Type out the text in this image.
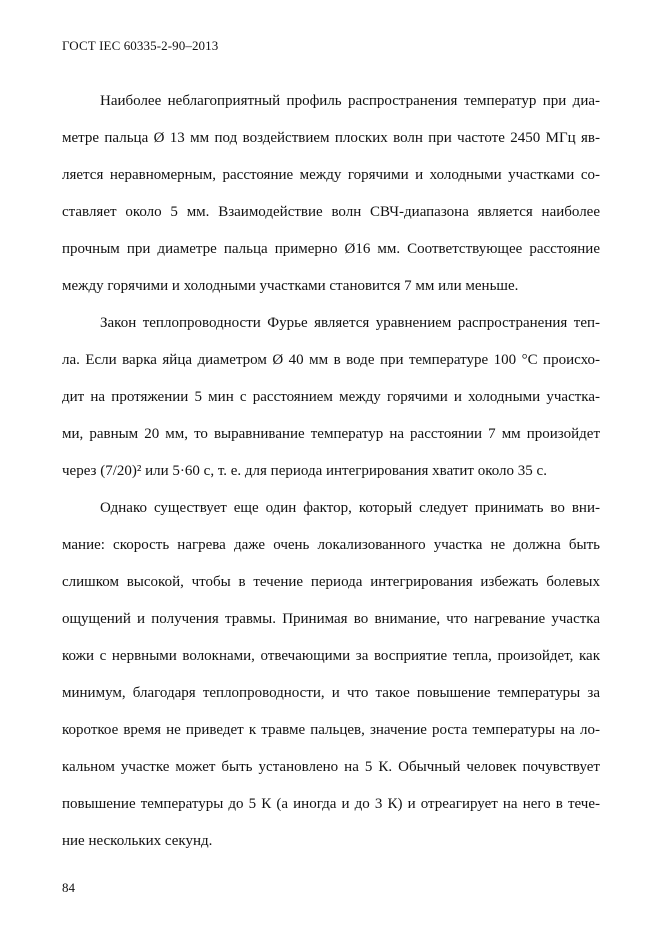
ГОСТ IEC 60335-2-90–2013
Наиболее неблагоприятный профиль распространения температур при диа-
метре пальца Ø 13 мм под воздействием плоских волн при частоте 2450 МГц яв-
ляется неравномерным, расстояние между горячими и холодными участками со-
ставляет около 5 мм. Взаимодействие волн СВЧ-диапазона является наиболее
прочным при диаметре пальца примерно Ø16 мм. Соответствующее расстояние
между горячими и холодными участками становится 7 мм или меньше.
Закон теплопроводности Фурье является уравнением распространения теп-
ла. Если варка яйца диаметром Ø 40 мм в воде при температуре 100 °С происхо-
дит на протяжении 5 мин с расстоянием между горячими и холодными участка-
ми, равным 20 мм, то выравнивание температур на расстоянии 7 мм произойдет
через (7/20)² или 5·60 с, т. е. для периода интегрирования хватит около 35 с.
Однако существует еще один фактор, который следует принимать во вни-
мание: скорость нагрева даже очень локализованного участка не должна быть
слишком высокой, чтобы в течение периода интегрирования избежать болевых
ощущений и получения травмы. Принимая во внимание, что нагревание участка
кожи с нервными волокнами, отвечающими за восприятие тепла, произойдет, как
минимум, благодаря теплопроводности, и что такое повышение температуры за
короткое время не приведет к травме пальцев, значение роста температуры на ло-
кальном участке может быть установлено на 5 К. Обычный человек почувствует
повышение температуры до 5 К (а иногда и до 3 К) и отреагирует на него в тече-
ние нескольких секунд.
84
